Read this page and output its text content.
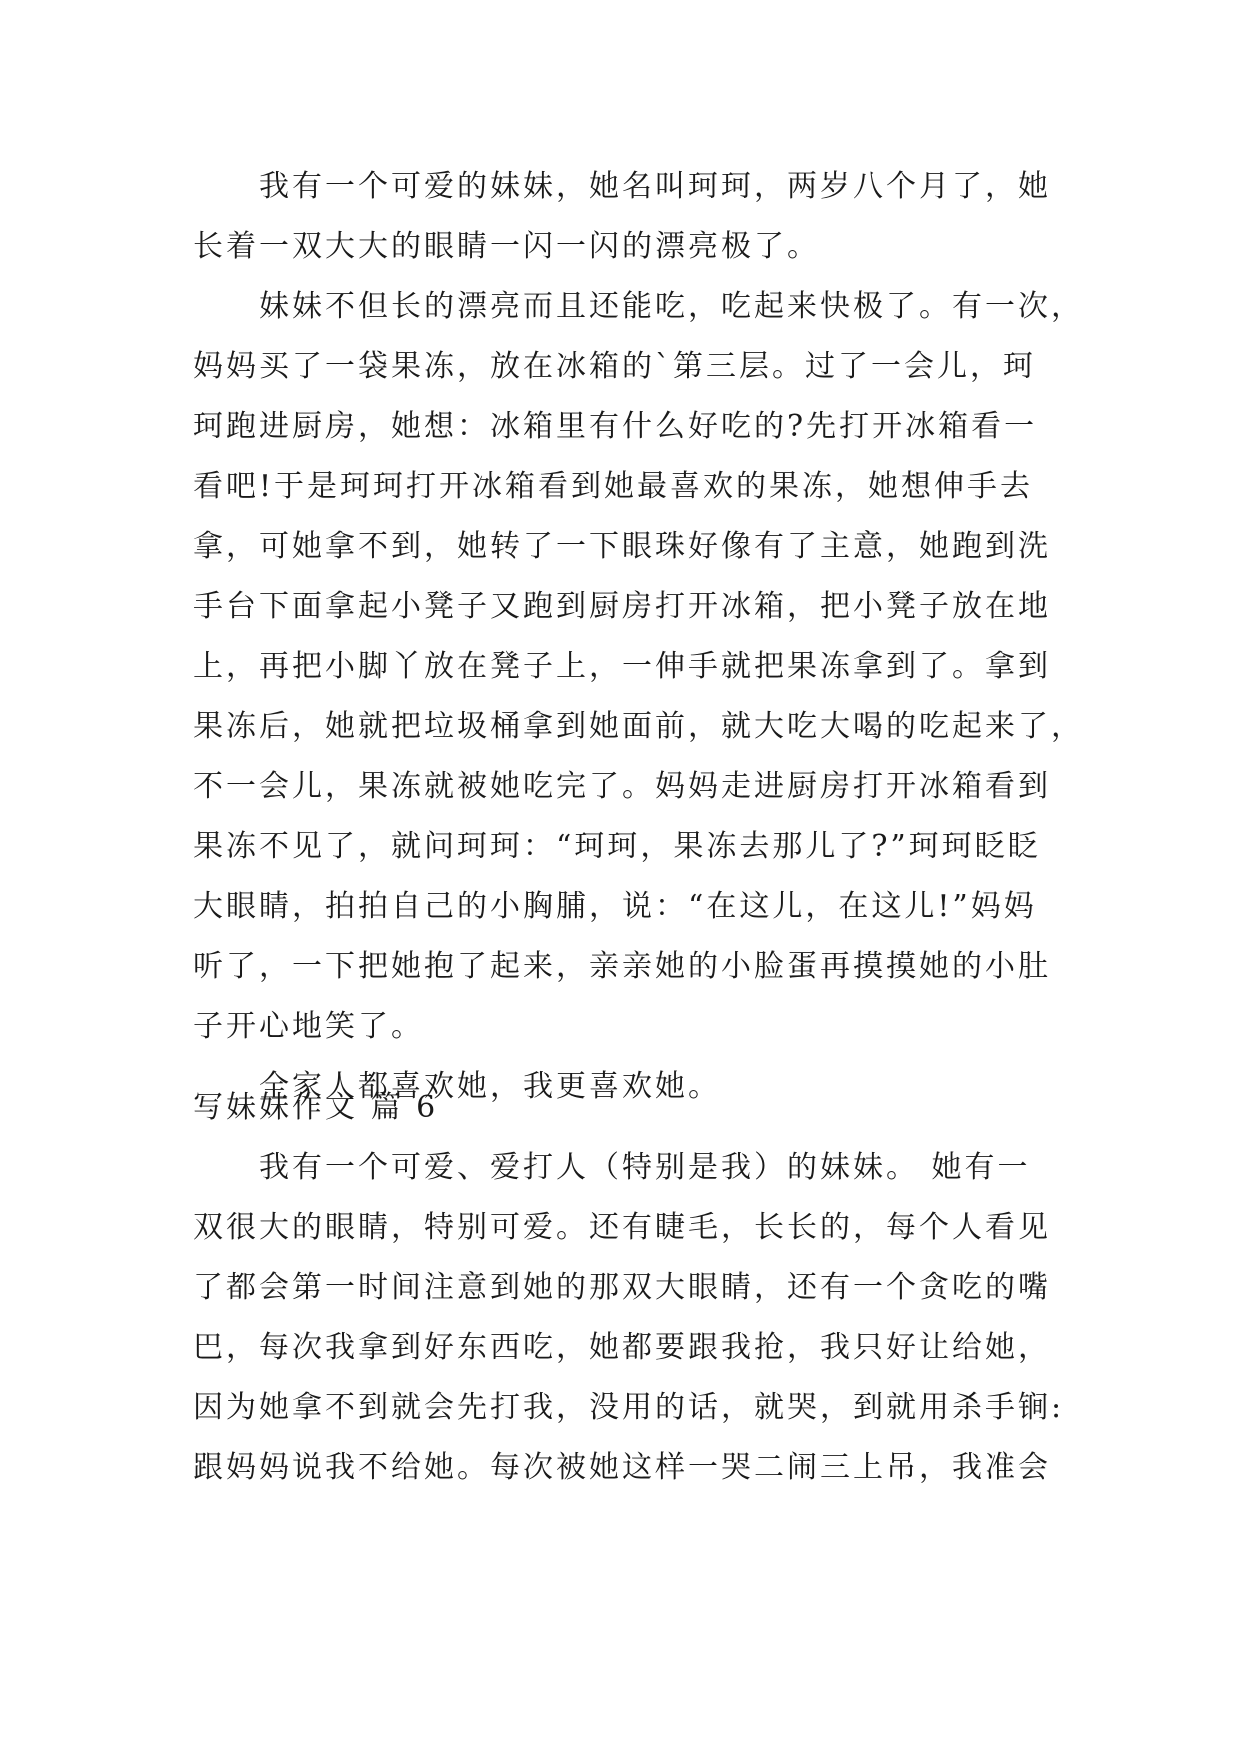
我有一个可爱的妹妹，她名叫珂珂，两岁八个月了，她
长着一双大大的眼睛一闪一闪的漂亮极了。
妹妹不但长的漂亮而且还能吃，吃起来快极了。有一次，
妈妈买了一袋果冻，放在冰箱的`第三层。过了一会儿，珂
珂跑进厨房，她想：冰箱里有什么好吃的?先打开冰箱看一
看吧!于是珂珂打开冰箱看到她最喜欢的果冻，她想伸手去
拿，可她拿不到，她转了一下眼珠好像有了主意，她跑到洗
手台下面拿起小凳子又跑到厨房打开冰箱，把小凳子放在地
上，再把小脚丫放在凳子上，一伸手就把果冻拿到了。拿到
果冻后，她就把垃圾桶拿到她面前，就大吃大喝的吃起来了，
不一会儿，果冻就被她吃完了。妈妈走进厨房打开冰箱看到
果冻不见了，就问珂珂：“珂珂，果冻去那儿了?”珂珂眨眨
大眼睛，拍拍自己的小胸脯，说：“在这儿，在这儿!”妈妈
听了，一下把她抱了起来，亲亲她的小脸蛋再摸摸她的小肚
子开心地笑了。
全家人都喜欢她，我更喜欢她。
写妹妹作文 篇 6
我有一个可爱、爱打人（特别是我）的妹妹。 她有一
双很大的眼睛，特别可爱。还有睫毛，长长的，每个人看见
了都会第一时间注意到她的那双大眼睛，还有一个贪吃的嘴
巴，每次我拿到好东西吃，她都要跟我抢，我只好让给她，
因为她拿不到就会先打我，没用的话，就哭，到就用杀手锏:
跟妈妈说我不给她。每次被她这样一哭二闹三上吊，我准会
